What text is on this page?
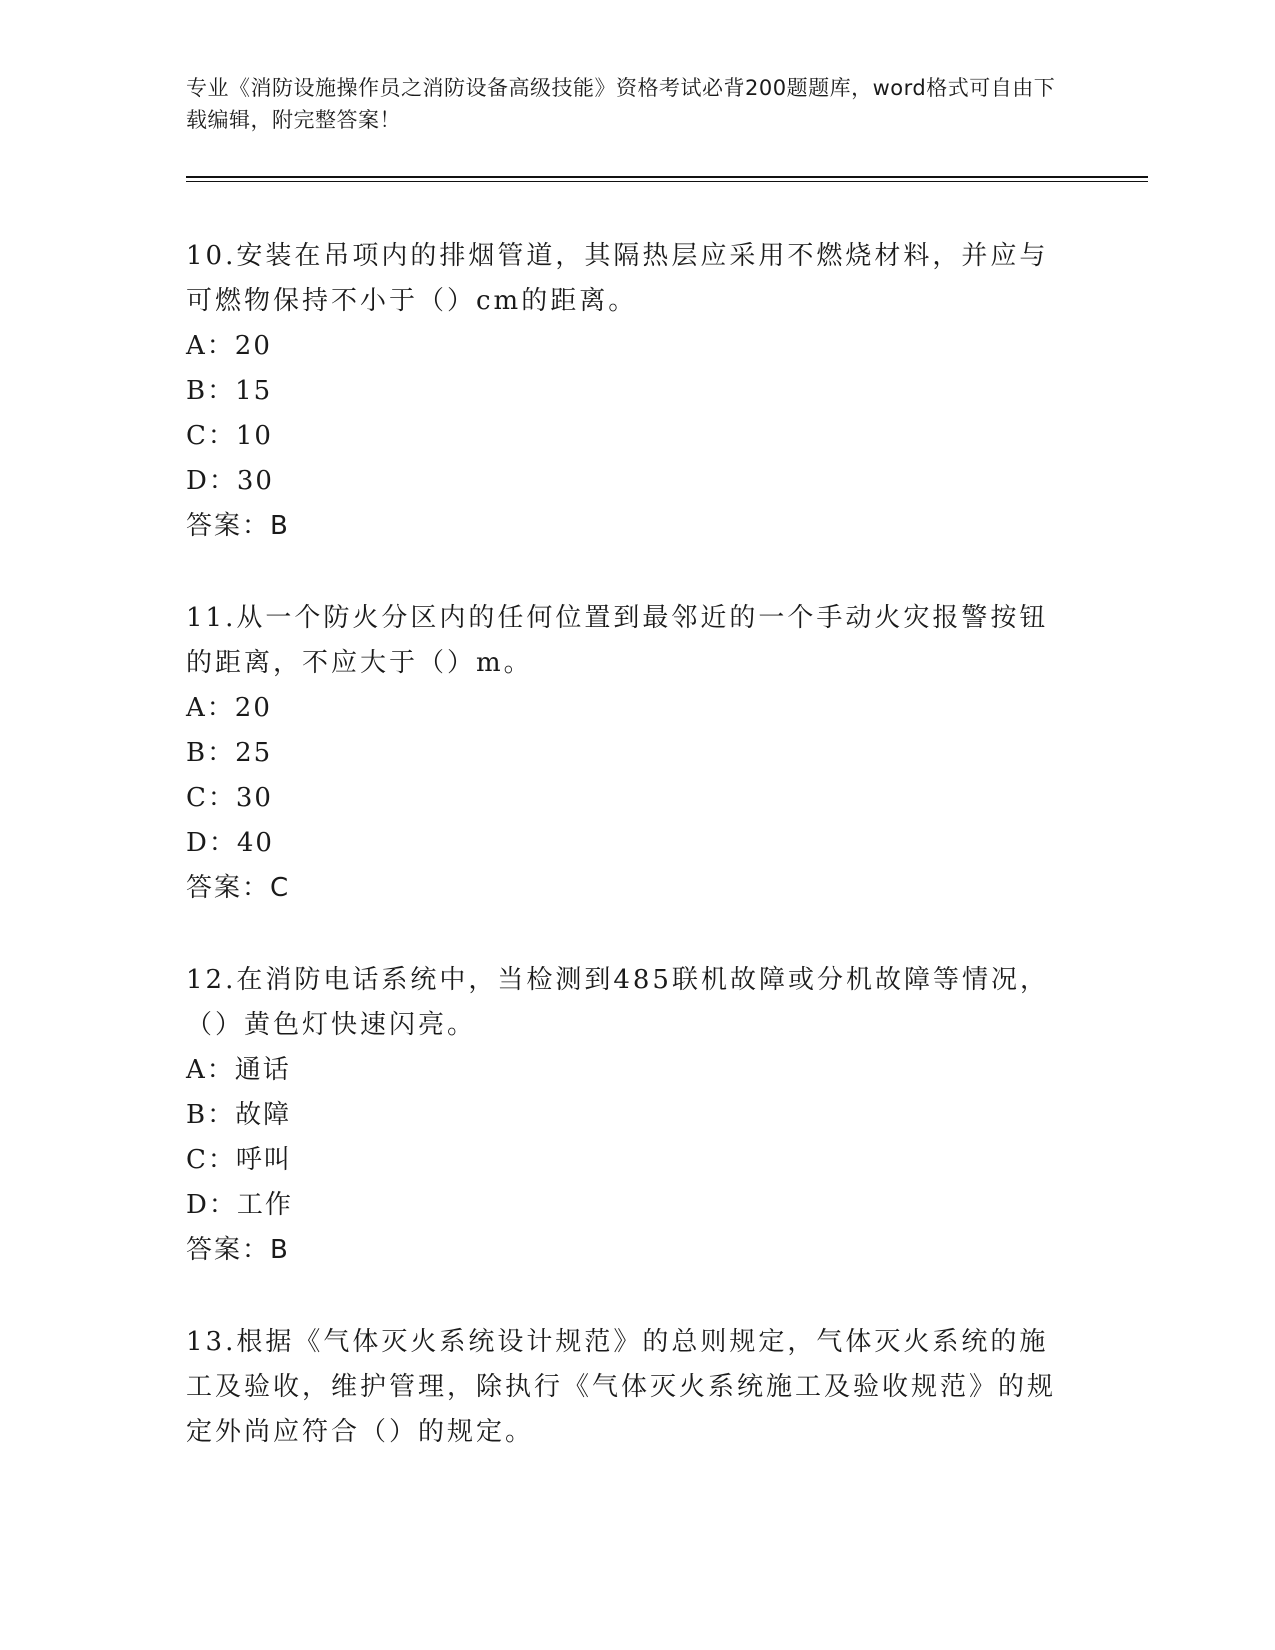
专业《消防设施操作员之消防设备高级技能》资格考试必背200题题库，word格式可自由下载编辑，附完整答案！

10.安装在吊项内的排烟管道，其隔热层应采用不燃烧材料，并应与可燃物保持不小于（）cm的距离。

A：20

B：15

C：10

D：30

答案：B

11.从一个防火分区内的任何位置到最邻近的一个手动火灾报警按钮的距离，不应大于（）m。

A：20

B：25

C：30

D：40

答案：C

12.在消防电话系统中，当检测到485联机故障或分机故障等情况，（）黄色灯快速闪亮。

A：通话

B：故障

C：呼叫

D：工作

答案：B

13.根据《气体灭火系统设计规范》的总则规定，气体灭火系统的施工及验收，维护管理，除执行《气体灭火系统施工及验收规范》的规定外尚应符合（）的规定。
